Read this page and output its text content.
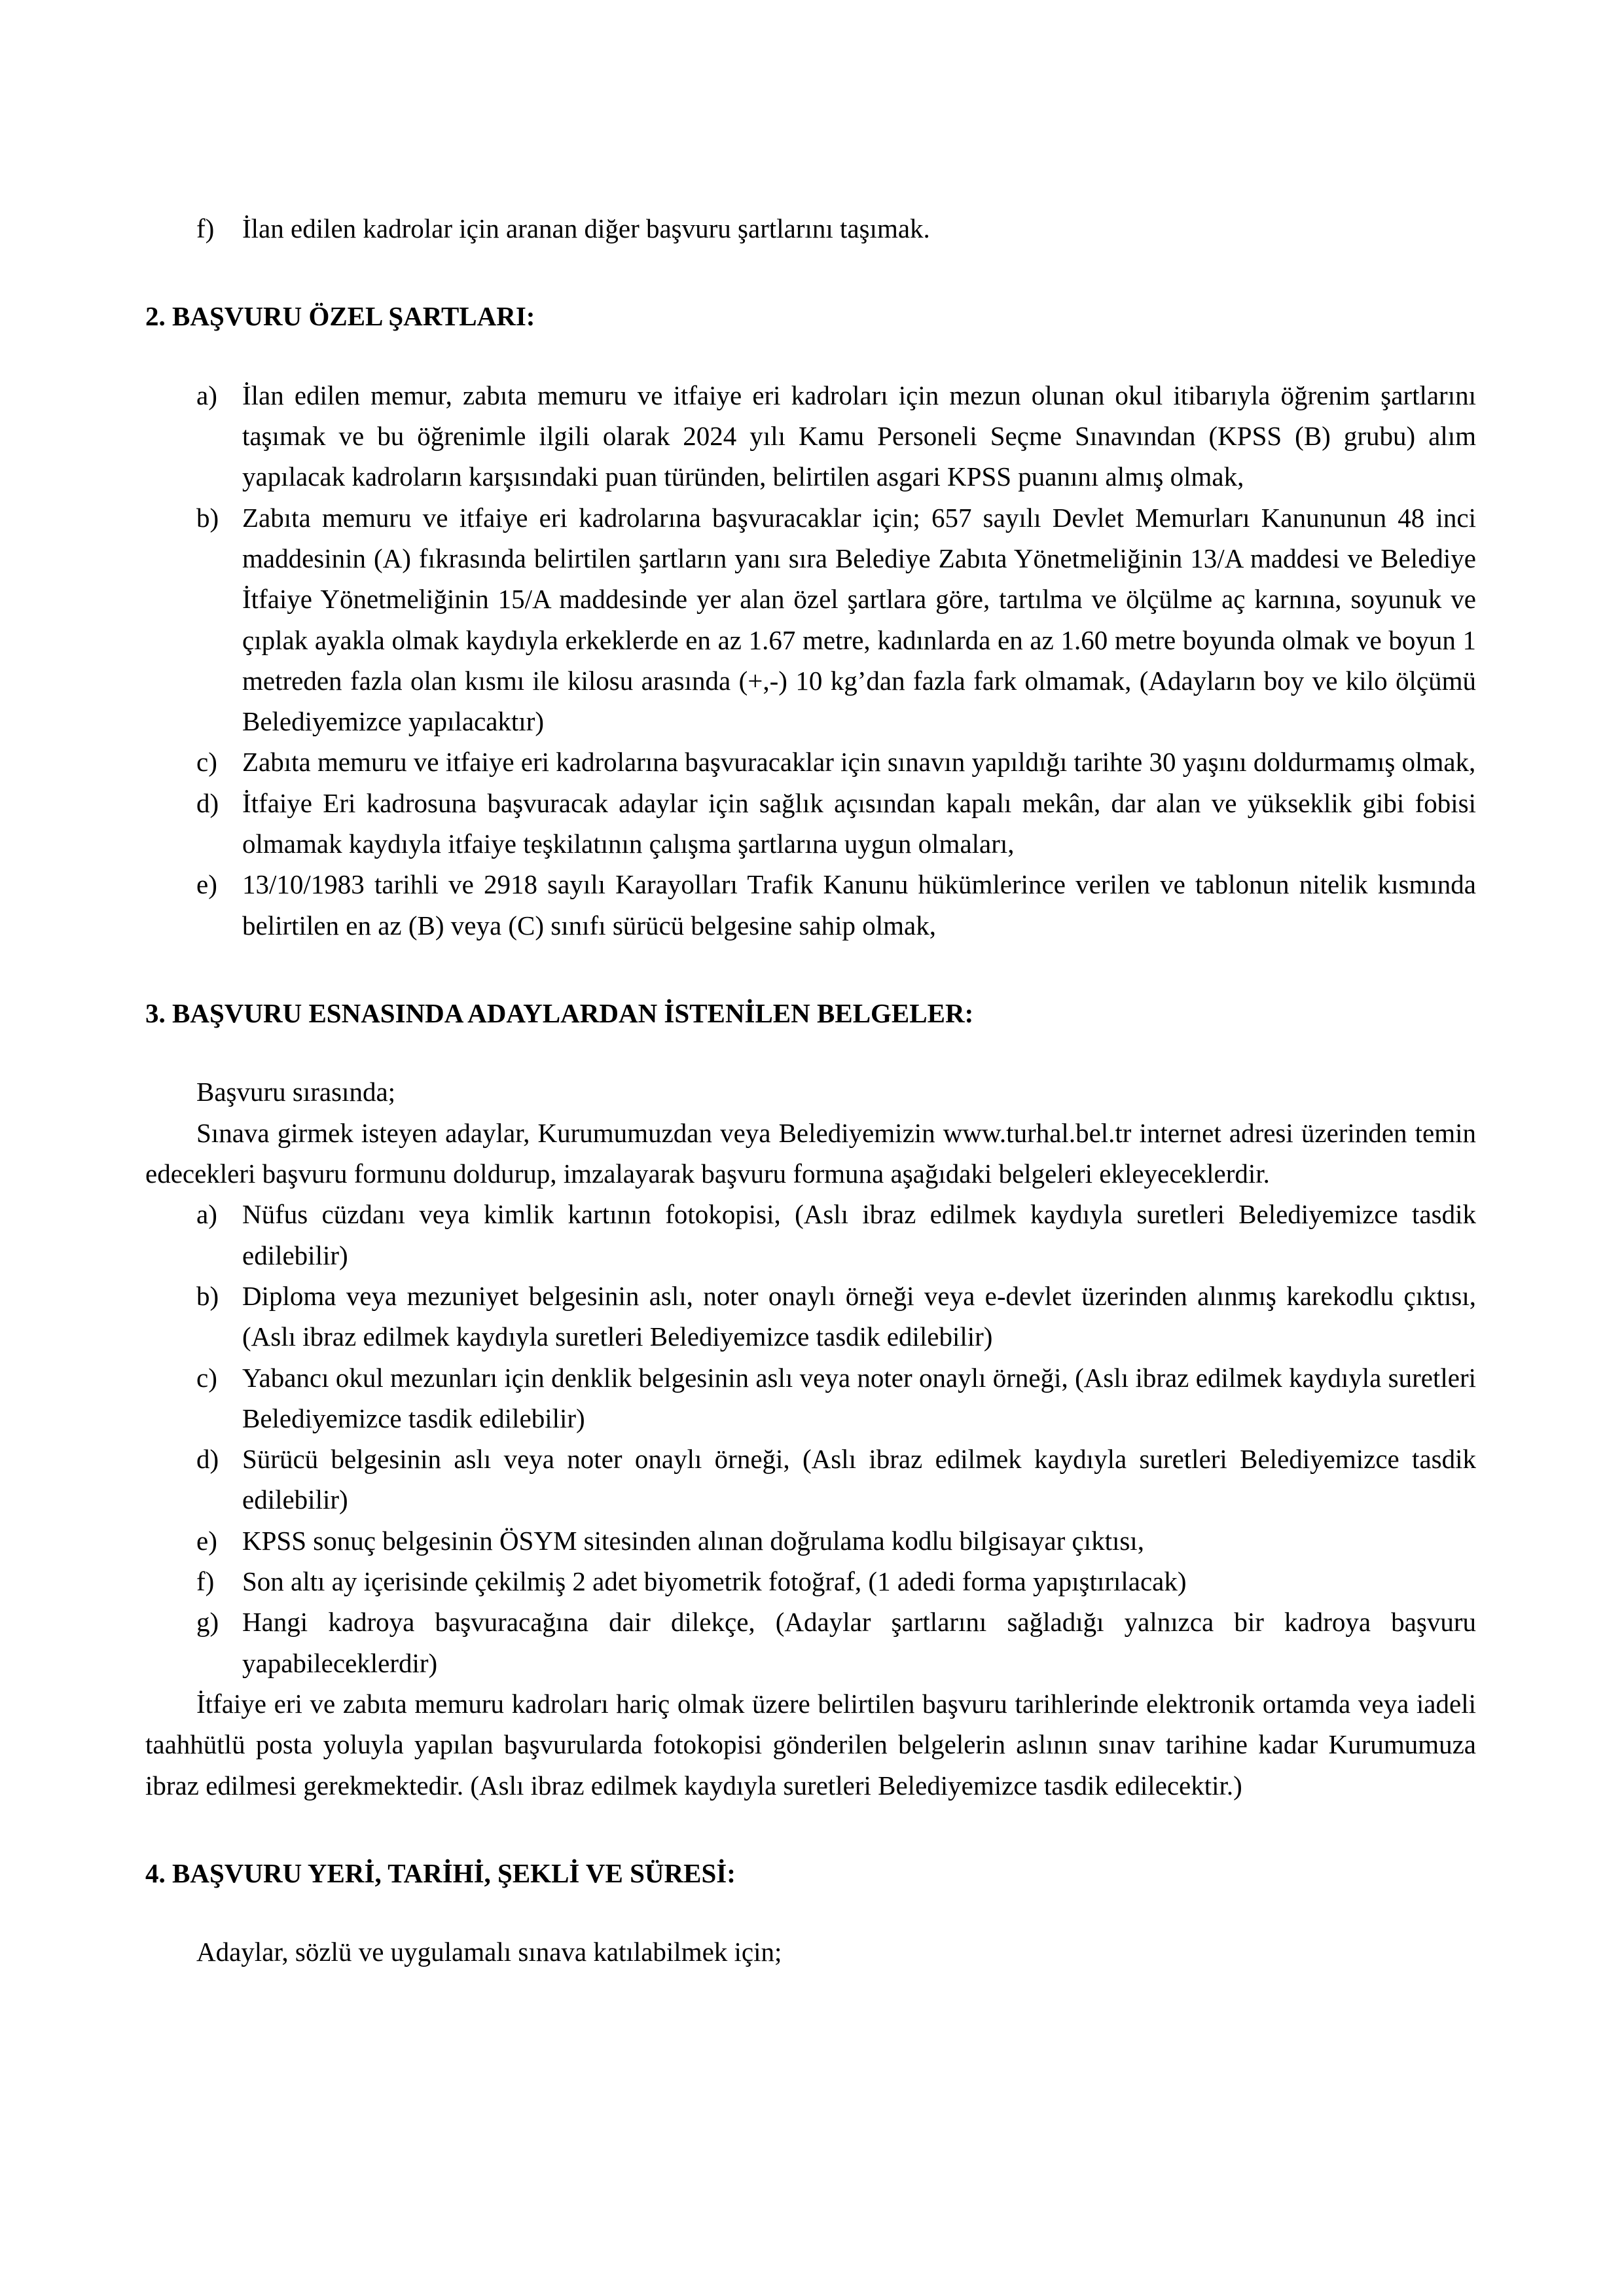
f)	İlan edilen kadrolar için aranan diğer başvuru şartlarını taşımak.

2. BAŞVURU ÖZEL ŞARTLARI:

a) İlan edilen memur, zabıta memuru ve itfaiye eri kadroları için mezun olunan okul itibarıyla öğrenim şartlarını taşımak ve bu öğrenimle ilgili olarak 2024 yılı Kamu Personeli Seçme Sınavından (KPSS (B) grubu) alım yapılacak kadroların karşısındaki puan türünden, belirtilen asgari KPSS puanını almış olmak,
b) Zabıta memuru ve itfaiye eri kadrolarına başvuracaklar için; 657 sayılı Devlet Memurları Kanununun 48 inci maddesinin (A) fıkrasında belirtilen şartların yanı sıra Belediye Zabıta Yönetmeliğinin 13/A maddesi ve Belediye İtfaiye Yönetmeliğinin 15/A maddesinde yer alan özel şartlara göre, tartılma ve ölçülme aç karnına, soyunuk ve çıplak ayakla olmak kaydıyla erkeklerde en az 1.67 metre, kadınlarda en az 1.60 metre boyunda olmak ve boyun 1 metreden fazla olan kısmı ile kilosu arasında (+,-) 10 kg’dan fazla fark olmamak, (Adayların boy ve kilo ölçümü Belediyemizce yapılacaktır)
c) Zabıta memuru ve itfaiye eri kadrolarına başvuracaklar için sınavın yapıldığı tarihte 30 yaşını doldurmamış olmak,
d) İtfaiye Eri kadrosuna başvuracak adaylar için sağlık açısından kapalı mekân, dar alan ve yükseklik gibi fobisi olmamak kaydıyla itfaiye teşkilatının çalışma şartlarına uygun olmaları,
e) 13/10/1983 tarihli ve 2918 sayılı Karayolları Trafik Kanunu hükümlerince verilen ve tablonun nitelik kısmında belirtilen en az (B) veya (C) sınıfı sürücü belgesine sahip olmak,

3. BAŞVURU ESNASINDA ADAYLARDAN İSTENİLEN BELGELER:

Başvuru sırasında;

Sınava girmek isteyen adaylar, Kurumumuzdan veya Belediyemizin www.turhal.bel.tr internet adresi üzerinden temin edecekleri başvuru formunu doldurup, imzalayarak başvuru formuna aşağıdaki belgeleri ekleyeceklerdir.

a) Nüfus cüzdanı veya kimlik kartının fotokopisi, (Aslı ibraz edilmek kaydıyla suretleri Belediyemizce tasdik edilebilir)
b) Diploma veya mezuniyet belgesinin aslı, noter onaylı örneği veya e-devlet üzerinden alınmış karekodlu çıktısı, (Aslı ibraz edilmek kaydıyla suretleri Belediyemizce tasdik edilebilir)
c) Yabancı okul mezunları için denklik belgesinin aslı veya noter onaylı örneği, (Aslı ibraz edilmek kaydıyla suretleri Belediyemizce tasdik edilebilir)
d) Sürücü belgesinin aslı veya noter onaylı örneği, (Aslı ibraz edilmek kaydıyla suretleri Belediyemizce tasdik edilebilir)
e) KPSS sonuç belgesinin ÖSYM sitesinden alınan doğrulama kodlu bilgisayar çıktısı,
f)	Son altı ay içerisinde çekilmiş 2 adet biyometrik fotoğraf, (1 adedi forma yapıştırılacak)
g) Hangi kadroya başvuracağına dair dilekçe, (Adaylar şartlarını sağladığı yalnızca bir kadroya başvuru yapabileceklerdir)

İtfaiye eri ve zabıta memuru kadroları hariç olmak üzere belirtilen başvuru tarihlerinde elektronik ortamda veya iadeli taahhütlü posta yoluyla yapılan başvurularda fotokopisi gönderilen belgelerin aslının sınav tarihine kadar Kurumumuza ibraz edilmesi gerekmektedir. (Aslı ibraz edilmek kaydıyla suretleri Belediyemizce tasdik edilecektir.)

4. BAŞVURU YERİ, TARİHİ, ŞEKLİ VE SÜRESİ:

Adaylar, sözlü ve uygulamalı sınava katılabilmek için;
